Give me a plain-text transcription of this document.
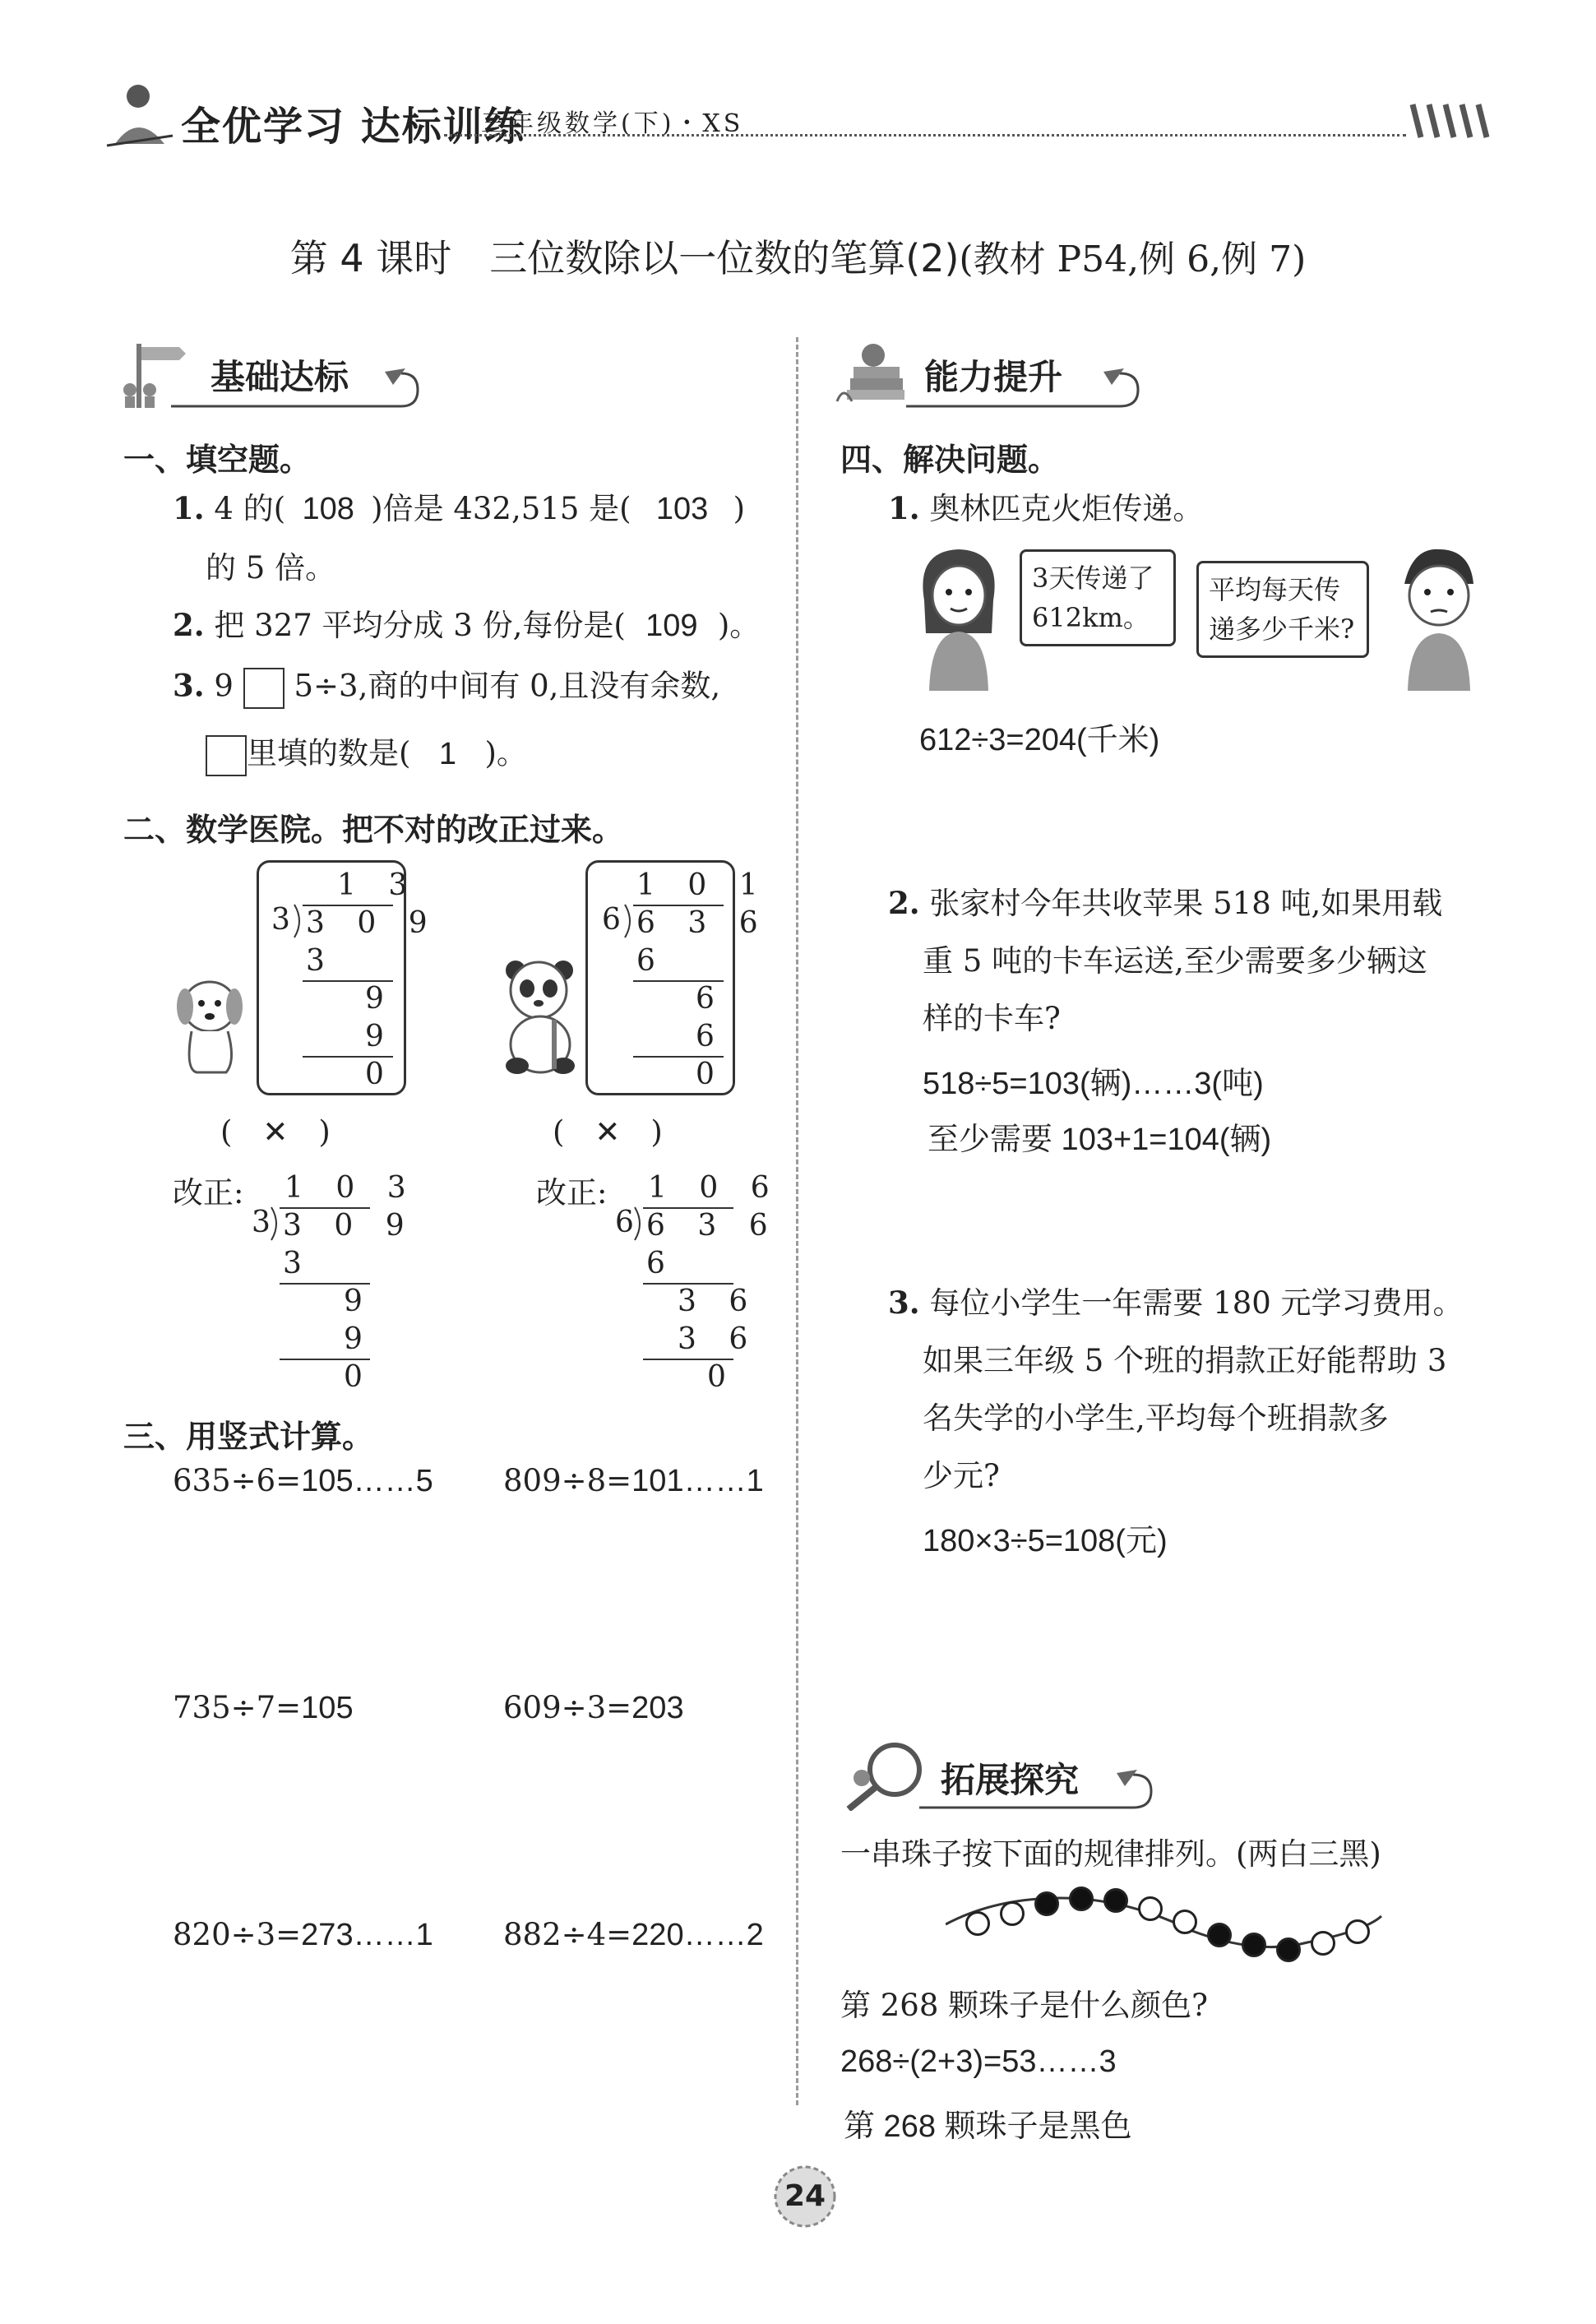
全优学习 达标训练
三年级数学(下)・XS
第 4 课时　三位数除以一位数的笔算(2)(教材 P54,例 6,例 7)
基础达标	能力提升
一、填空题。
1. 4 的( 108 )倍是 432,515 是( 103 )
的 5 倍。
2. 把 327 平均分成 3 份,每份是( 109 )。
3. 9 5÷3,商的中间有 0,且没有余数,
里填的数是( 1 )。
二、数学医院。把不对的改正过来。
1 3
3 3 0 9
3
9
9
0
(　✕　)
改正: 1 0 3
3 3 0 9
3
9
9
0
1 0 1
6 6 3 6
6
6
6
0
(　✕　)
改正: 1 0 6
6 6 3 6
6
3 6
3 6
0
三、用竖式计算。
635÷6=105……5 809÷8=101……1
735÷7=105	609÷3=203
820÷3=273……1 882÷4=220……2
四、解决问题。
1. 奥林匹克火炬传递。
3天传递了
612km。
平均每天传
递多少千米?
612÷3=204(千米)
2. 张家村今年共收苹果 518 吨,如果用载
重 5 吨的卡车运送,至少需要多少辆这
样的卡车?
518÷5=103(辆)……3(吨)
至少需要 103+1=104(辆)
3. 每位小学生一年需要 180 元学习费用。
如果三年级 5 个班的捐款正好能帮助 3
名失学的小学生,平均每个班捐款多
少元?
180×3÷5=108(元)
拓展探究
一串珠子按下面的规律排列。(两白三黑)
第 268 颗珠子是什么颜色?
268÷(2+3)=53……3
第 268 颗珠子是黑色
24
